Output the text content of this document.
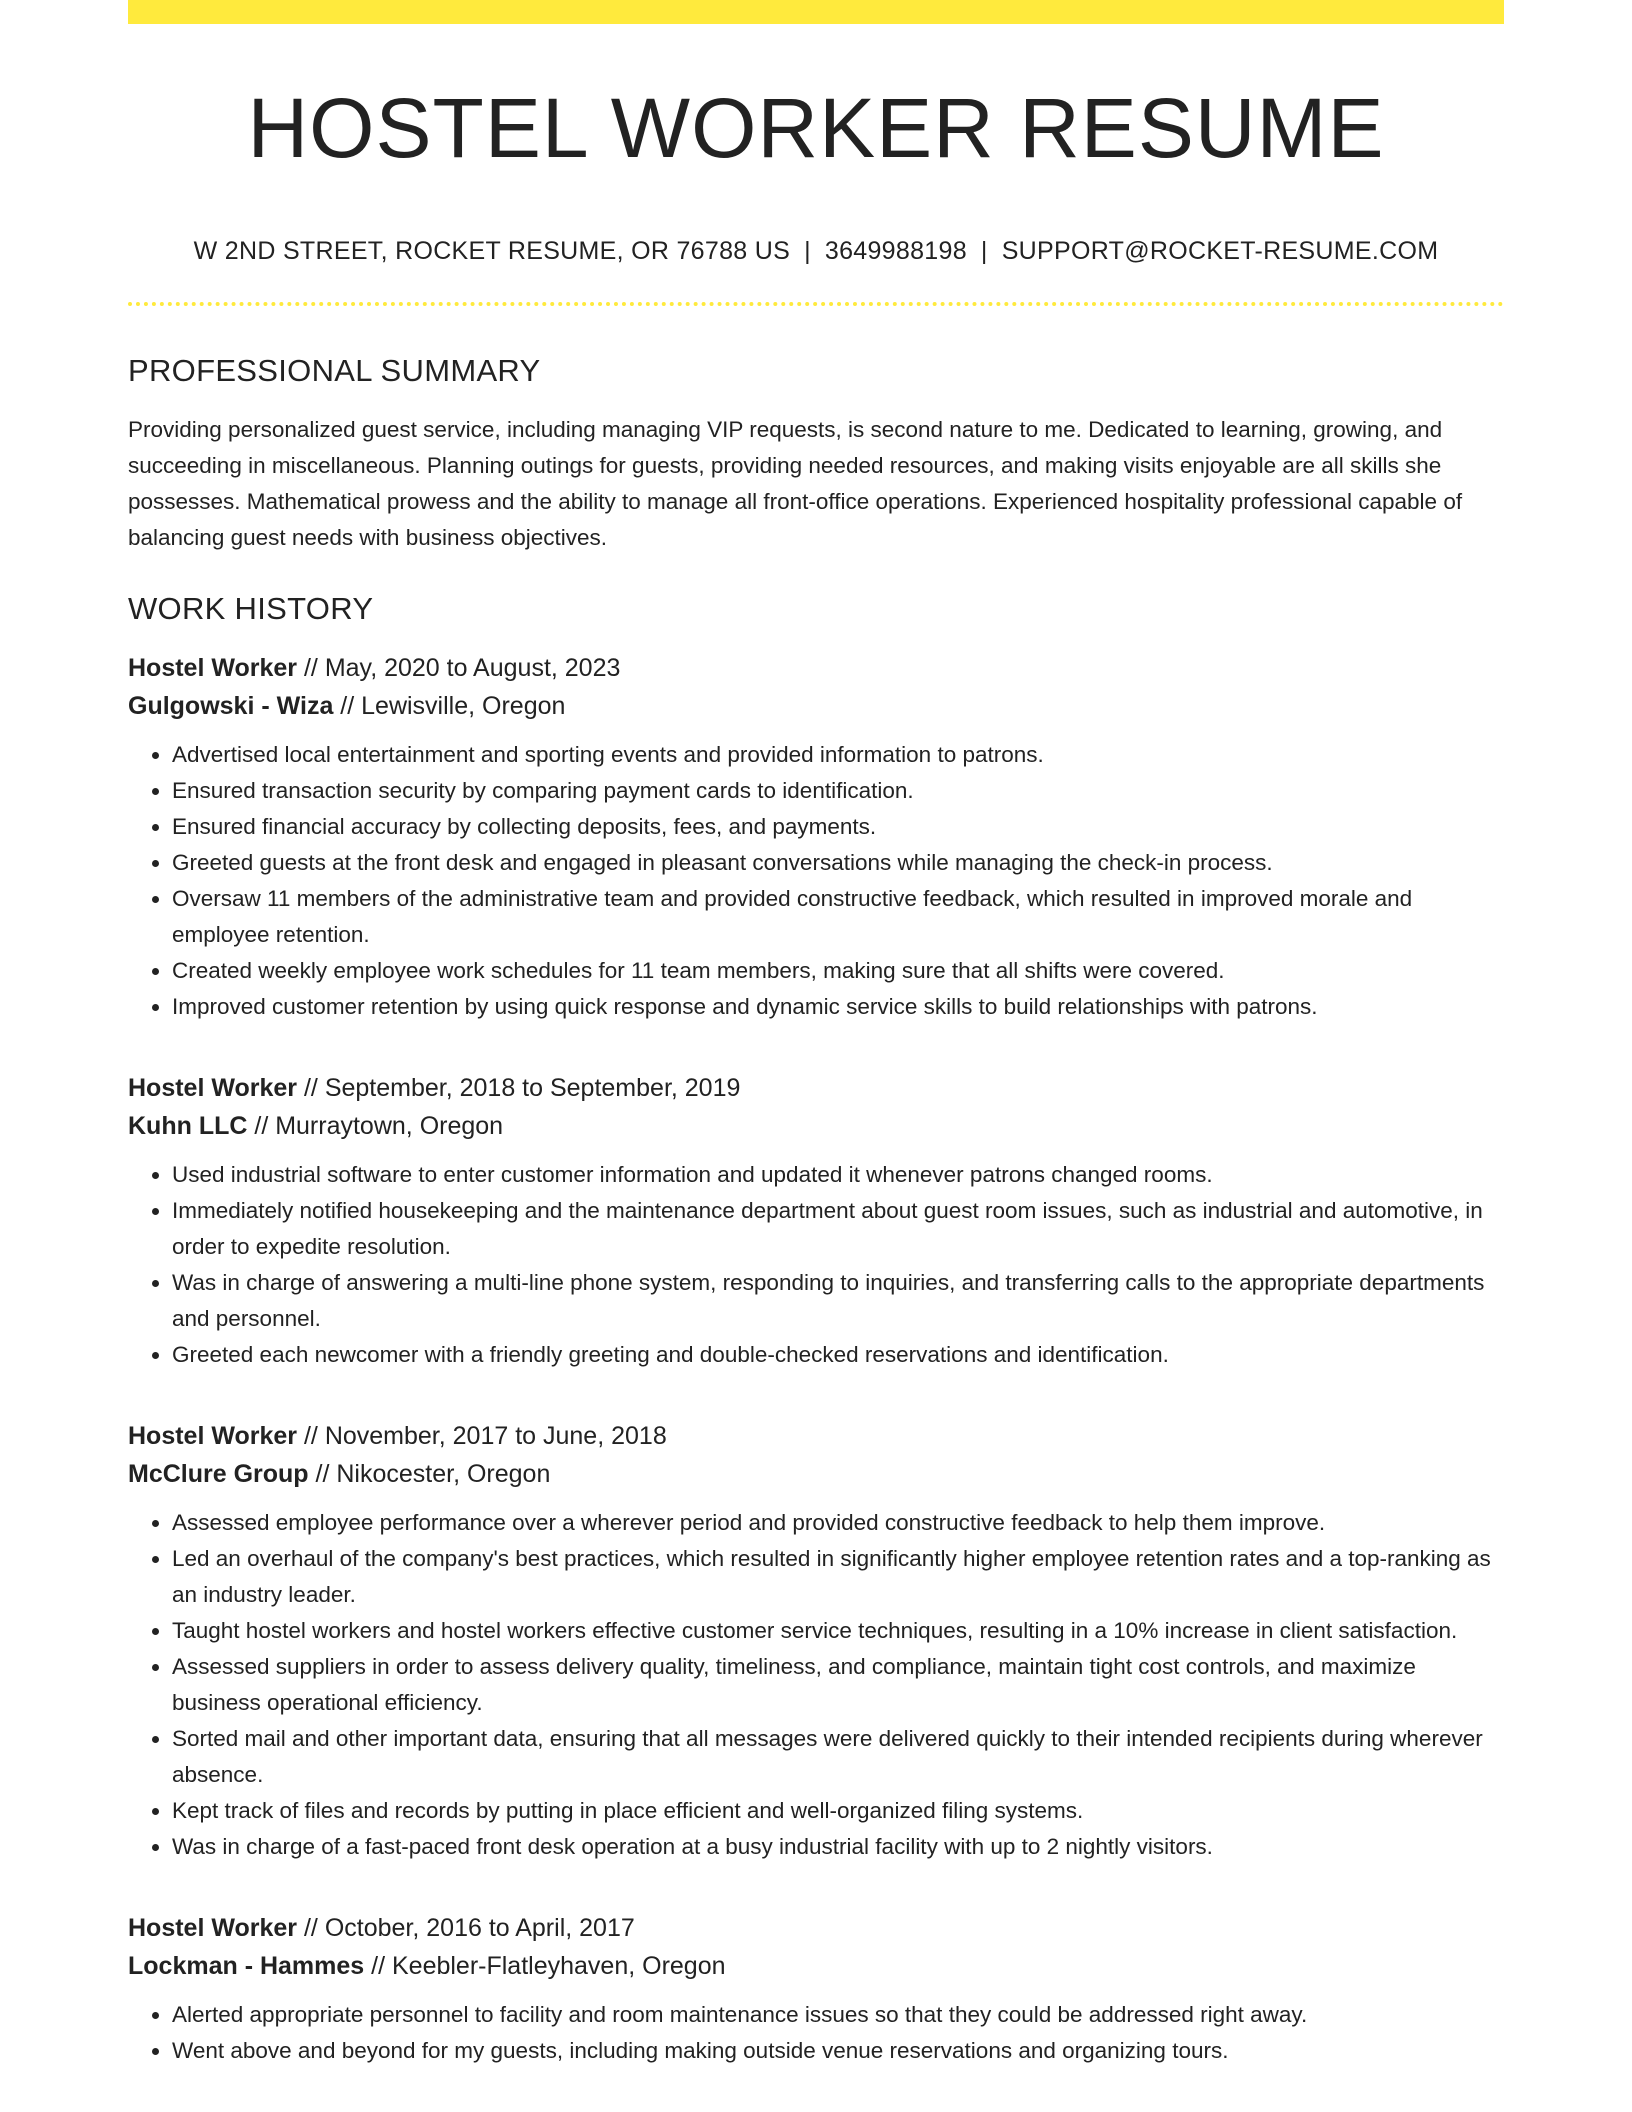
HOSTEL WORKER RESUME
W 2ND STREET, ROCKET RESUME, OR 76788 US | 3649988198 | SUPPORT@ROCKET-RESUME.COM
PROFESSIONAL SUMMARY

Providing personalized guest service, including managing VIP requests, is second nature to me. Dedicated to learning, growing, and succeeding in miscellaneous. Planning outings for guests, providing needed resources, and making visits enjoyable are all skills she possesses. Mathematical prowess and the ability to manage all front-office operations. Experienced hospitality professional capable of balancing guest needs with business objectives.

WORK HISTORY
Hostel Worker // May, 2020 to August, 2023
Gulgowski - Wiza // Lewisville, Oregon
• Advertised local entertainment and sporting events and provided information to patrons.
• Ensured transaction security by comparing payment cards to identification.
• Ensured financial accuracy by collecting deposits, fees, and payments.
• Greeted guests at the front desk and engaged in pleasant conversations while managing the check-in process.
• Oversaw 11 members of the administrative team and provided constructive feedback, which resulted in improved morale and employee retention.
• Created weekly employee work schedules for 11 team members, making sure that all shifts were covered.
• Improved customer retention by using quick response and dynamic service skills to build relationships with patrons.
Hostel Worker // September, 2018 to September, 2019
Kuhn LLC // Murraytown, Oregon
• Used industrial software to enter customer information and updated it whenever patrons changed rooms.
• Immediately notified housekeeping and the maintenance department about guest room issues, such as industrial and automotive, in order to expedite resolution.
• Was in charge of answering a multi-line phone system, responding to inquiries, and transferring calls to the appropriate departments and personnel.
• Greeted each newcomer with a friendly greeting and double-checked reservations and identification.
Hostel Worker // November, 2017 to June, 2018
McClure Group // Nikocester, Oregon
• Assessed employee performance over a wherever period and provided constructive feedback to help them improve.
• Led an overhaul of the company's best practices, which resulted in significantly higher employee retention rates and a top-ranking as an industry leader.
• Taught hostel workers and hostel workers effective customer service techniques, resulting in a 10% increase in client satisfaction.
• Assessed suppliers in order to assess delivery quality, timeliness, and compliance, maintain tight cost controls, and maximize business operational efficiency.
• Sorted mail and other important data, ensuring that all messages were delivered quickly to their intended recipients during wherever absence.
• Kept track of files and records by putting in place efficient and well-organized filing systems.
• Was in charge of a fast-paced front desk operation at a busy industrial facility with up to 2 nightly visitors.
Hostel Worker // October, 2016 to April, 2017
Lockman - Hammes // Keebler-Flatleyhaven, Oregon
• Alerted appropriate personnel to facility and room maintenance issues so that they could be addressed right away.
• Went above and beyond for my guests, including making outside venue reservations and organizing tours.
